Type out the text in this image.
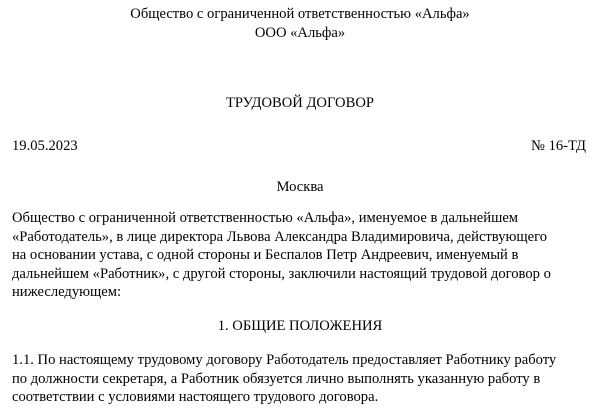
Общество с ограниченной ответственностью «Альфа»
ООО «Альфа»
ТРУДОВОЙ ДОГОВОР
19.05.2023	№ 16-ТД
Москва
Общество с ограниченной ответственностью «Альфа», именуемое в дальнейшем
«Работодатель», в лице директора Львова Александра Владимировича, действующего
на основании устава, с одной стороны и Беспалов Петр Андреевич, именуемый в
дальнейшем «Работник», с другой стороны, заключили настоящий трудовой договор о
нижеследующем:
1. ОБЩИЕ ПОЛОЖЕНИЯ
1.1. По настоящему трудовому договору Работодатель предоставляет Работнику работу
по должности секретаря, а Работник обязуется лично выполнять указанную работу в
соответствии с условиями настоящего трудового договора.
